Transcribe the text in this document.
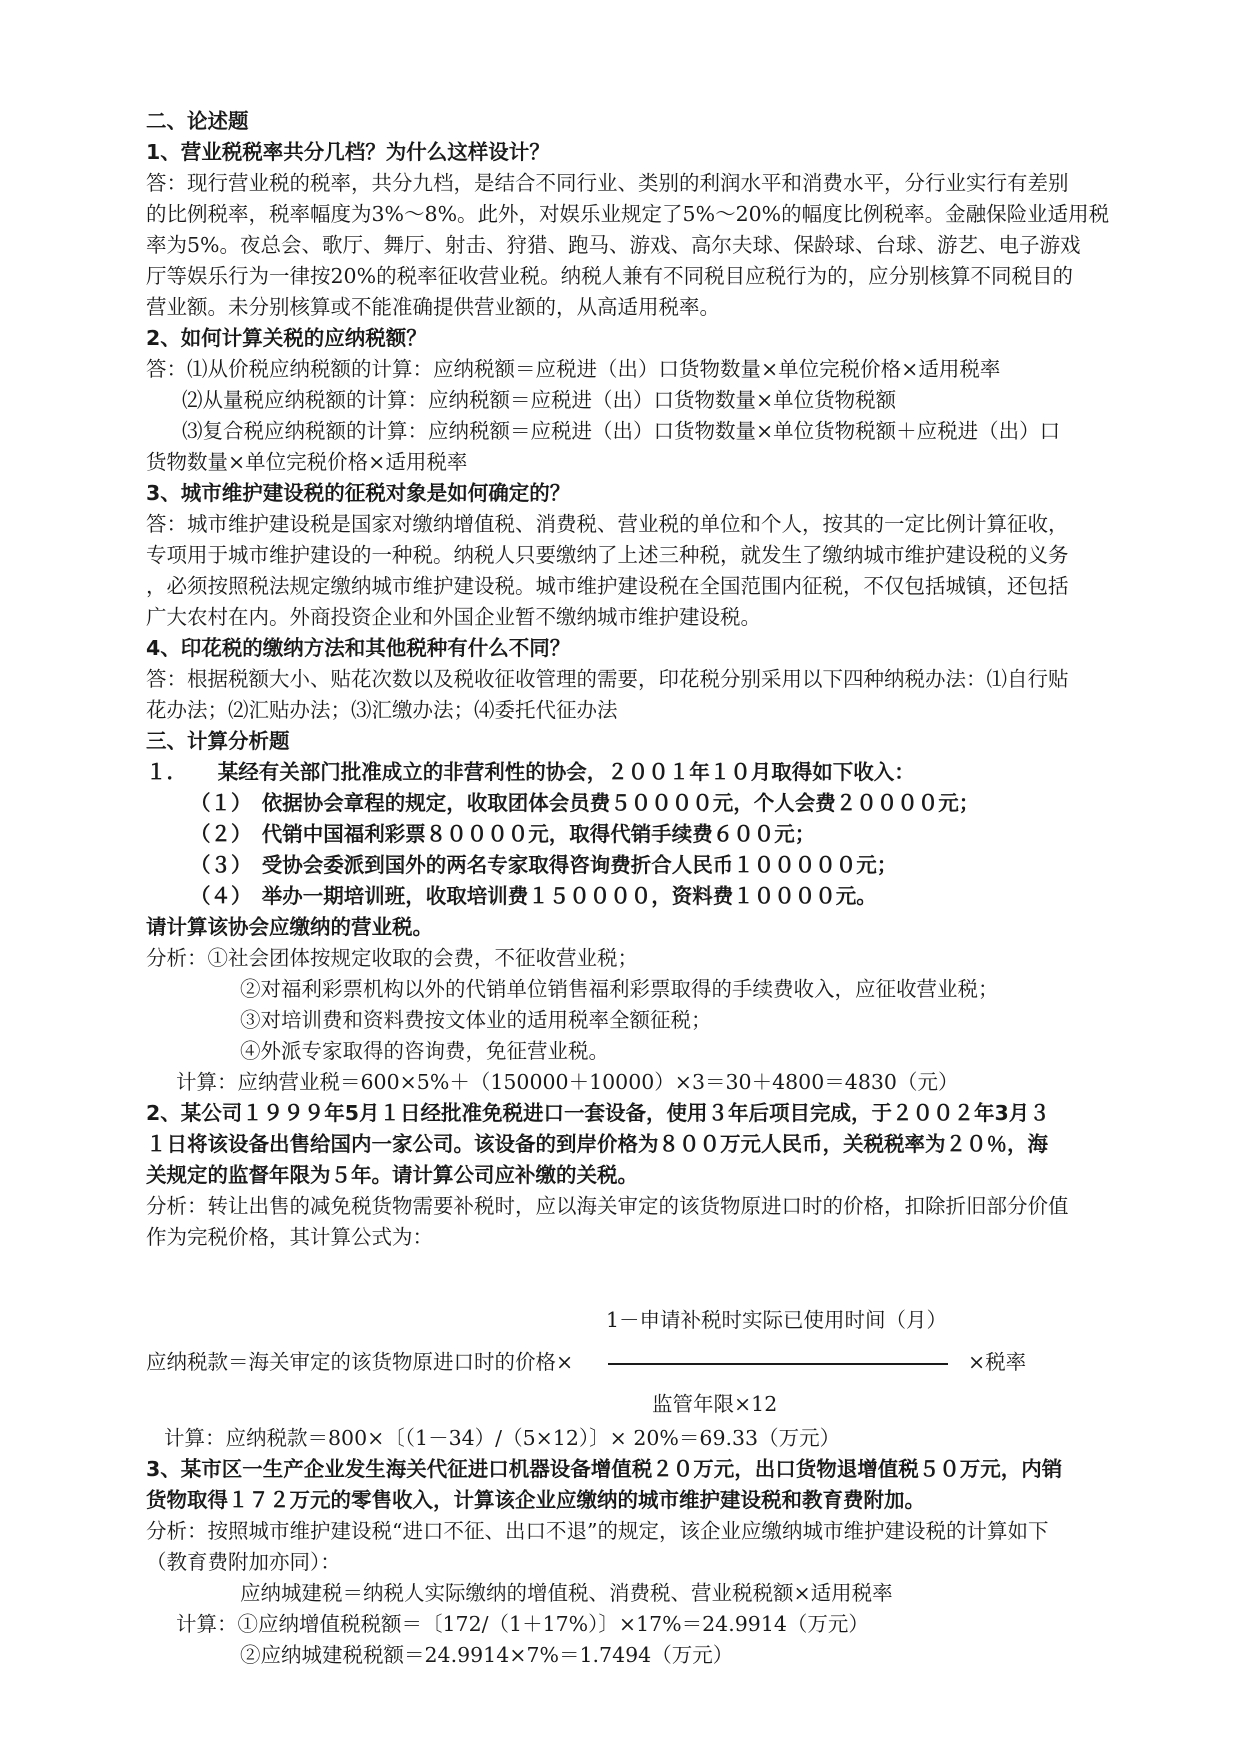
二、论述题
1、营业税税率共分几档？为什么这样设计？
答：现行营业税的税率，共分九档，是结合不同行业、类别的利润水平和消费水平，分行业实行有差别
的比例税率，税率幅度为3%～8%。此外，对娱乐业规定了5%～20%的幅度比例税率。金融保险业适用税
率为5%。夜总会、歌厅、舞厅、射击、狩猎、跑马、游戏、高尔夫球、保龄球、台球、游艺、电子游戏
厅等娱乐行为一律按20%的税率征收营业税。纳税人兼有不同税目应税行为的，应分别核算不同税目的
营业额。未分别核算或不能准确提供营业额的，从高适用税率。
2、如何计算关税的应纳税额？
答：⑴从价税应纳税额的计算：应纳税额＝应税进（出）口货物数量×单位完税价格×适用税率
⑵从量税应纳税额的计算：应纳税额＝应税进（出）口货物数量×单位货物税额
⑶复合税应纳税额的计算：应纳税额＝应税进（出）口货物数量×单位货物税额＋应税进（出）口
货物数量×单位完税价格×适用税率
3、城市维护建设税的征税对象是如何确定的？
答：城市维护建设税是国家对缴纳增值税、消费税、营业税的单位和个人，按其的一定比例计算征收，
专项用于城市维护建设的一种税。纳税人只要缴纳了上述三种税，就发生了缴纳城市维护建设税的义务
，必须按照税法规定缴纳城市维护建设税。城市维护建设税在全国范围内征税，不仅包括城镇，还包括
广大农村在内。外商投资企业和外国企业暂不缴纳城市维护建设税。
4、印花税的缴纳方法和其他税种有什么不同？
答：根据税额大小、贴花次数以及税收征收管理的需要，印花税分别采用以下四种纳税办法：⑴自行贴
花办法；⑵汇贴办法；⑶汇缴办法；⑷委托代征办法
三、计算分析题
１．　　某经有关部门批准成立的非营利性的协会，２００１年１０月取得如下收入：
（１）　依据协会章程的规定，收取团体会员费５００００元，个人会费２００００元；
（２）　代销中国福利彩票８００００元，取得代销手续费６００元；
（３）　受协会委派到国外的两名专家取得咨询费折合人民币１０００００元；
（４）　举办一期培训班，收取培训费１５００００，资料费１００００元。
请计算该协会应缴纳的营业税。
分析：①社会团体按规定收取的会费，不征收营业税；
②对福利彩票机构以外的代销单位销售福利彩票取得的手续费收入，应征收营业税；
③对培训费和资料费按文体业的适用税率全额征税；
④外派专家取得的咨询费，免征营业税。
计算：应纳营业税＝600×5%＋（150000＋10000）×3＝30＋4800＝4830（元）
2、某公司１９９９年5月１日经批准免税进口一套设备，使用３年后项目完成，于２００２年3月３
１日将该设备出售给国内一家公司。该设备的到岸价格为８００万元人民币，关税税率为２０％，海
关规定的监督年限为５年。请计算公司应补缴的关税。
分析：转让出售的减免税货物需要补税时，应以海关审定的该货物原进口时的价格，扣除折旧部分价值
作为完税价格，其计算公式为：
1－申请补税时实际已使用时间（月）
应纳税款＝海关审定的该货物原进口时的价格×	×税率
监管年限×12
计算：应纳税款＝800×〔（1－34）/（5×12）〕× 20%＝69.33（万元）
3、某市区一生产企业发生海关代征进口机器设备增值税２０万元，出口货物退增值税５０万元，内销
货物取得１７２万元的零售收入，计算该企业应缴纳的城市维护建设税和教育费附加。
分析：按照城市维护建设税“进口不征、出口不退”的规定，该企业应缴纳城市维护建设税的计算如下
（教育费附加亦同）：
应纳城建税＝纳税人实际缴纳的增值税、消费税、营业税税额×适用税率
计算：①应纳增值税税额＝〔172/（1＋17%）〕×17%＝24.9914（万元）
②应纳城建税税额＝24.9914×7%＝1.7494（万元）
